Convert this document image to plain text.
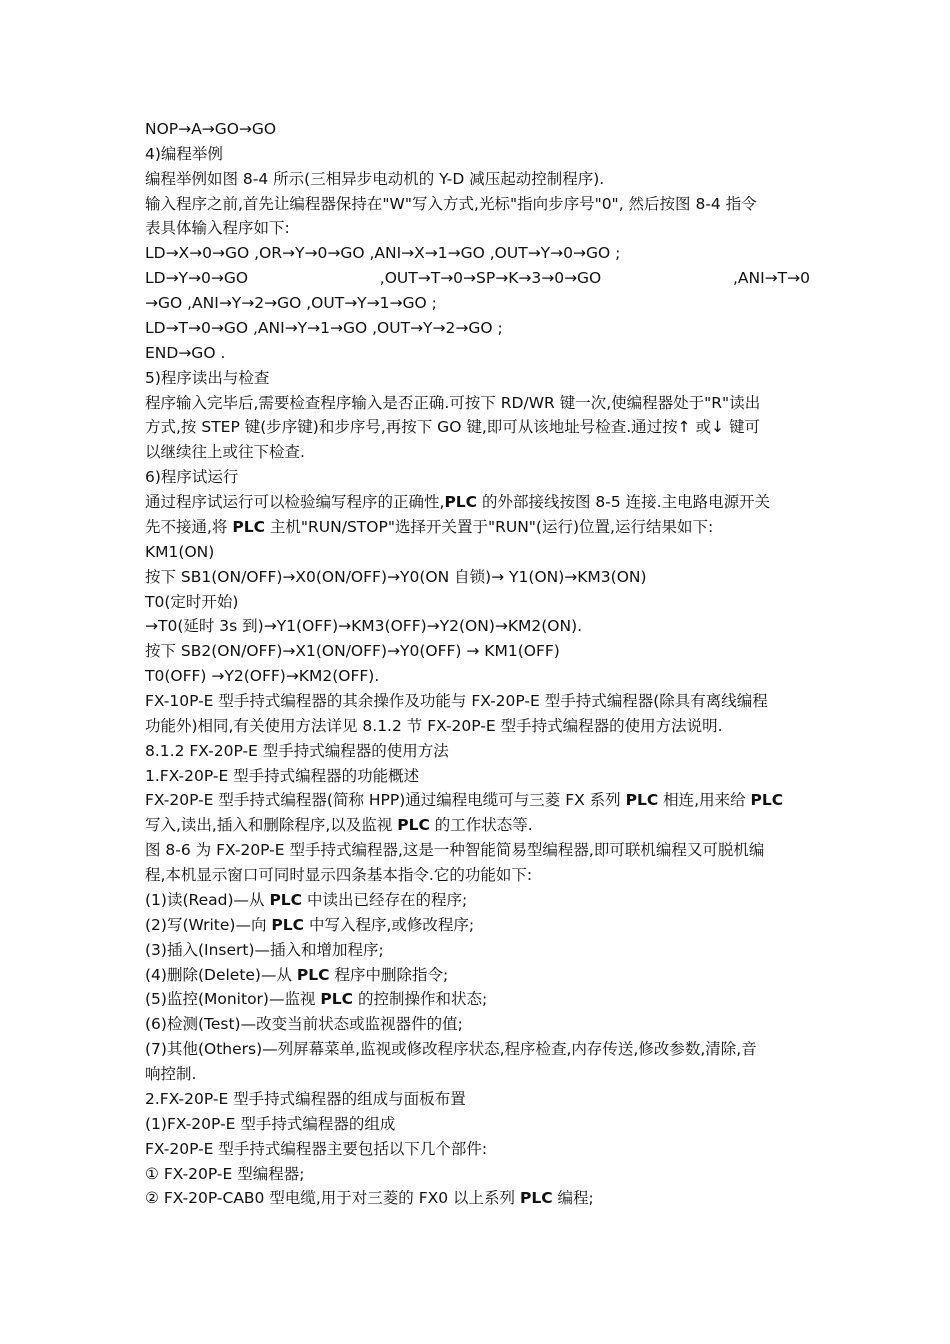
NOP→A→GO→GO
4)编程举例
编程举例如图 8-4 所示(三相异步电动机的 Y-D 减压起动控制程序).
输入程序之前,首先让编程器保持在"W"写入方式,光标"指向步序号"0", 然后按图 8-4 指令
表具体输入程序如下:
LD→X→0→GO ,OR→Y→0→GO ,ANI→X→1→GO ,OUT→Y→0→GO ;
LD→Y→0→GO	,OUT→T→0→SP→K→3→0→GO	,ANI→T→0
→GO ,ANI→Y→2→GO ,OUT→Y→1→GO ;
LD→T→0→GO ,ANI→Y→1→GO ,OUT→Y→2→GO ;
END→GO .
5)程序读出与检查
程序输入完毕后,需要检查程序输入是否正确.可按下 RD/WR 键一次,使编程器处于"R"读出
方式,按 STEP 键(步序键)和步序号,再按下 GO 键,即可从该地址号检查.通过按↑ 或↓ 键可
以继续往上或往下检查.
6)程序试运行
通过程序试运行可以检验编写程序的正确性,PLC 的外部接线按图 8-5 连接.主电路电源开关
先不接通,将 PLC 主机"RUN/STOP"选择开关置于"RUN"(运行)位置,运行结果如下:
KM1(ON)
按下 SB1(ON/OFF)→X0(ON/OFF)→Y0(ON 自锁)→ Y1(ON)→KM3(ON)
T0(定时开始)
→T0(延时 3s 到)→Y1(OFF)→KM3(OFF)→Y2(ON)→KM2(ON).
按下 SB2(ON/OFF)→X1(ON/OFF)→Y0(OFF) → KM1(OFF)
T0(OFF) →Y2(OFF)→KM2(OFF).
FX-10P-E 型手持式编程器的其余操作及功能与 FX-20P-E 型手持式编程器(除具有离线编程
功能外)相同,有关使用方法详见 8.1.2 节 FX-20P-E 型手持式编程器的使用方法说明.
8.1.2 FX-20P-E 型手持式编程器的使用方法
1.FX-20P-E 型手持式编程器的功能概述
FX-20P-E 型手持式编程器(简称 HPP)通过编程电缆可与三菱 FX 系列 PLC 相连,用来给 PLC
写入,读出,插入和删除程序,以及监视 PLC 的工作状态等.
图 8-6 为 FX-20P-E 型手持式编程器,这是一种智能简易型编程器,即可联机编程又可脱机编
程,本机显示窗口可同时显示四条基本指令.它的功能如下:
(1)读(Read)—从 PLC 中读出已经存在的程序;
(2)写(Write)—向 PLC 中写入程序,或修改程序;
(3)插入(Insert)—插入和增加程序;
(4)删除(Delete)—从 PLC 程序中删除指令;
(5)监控(Monitor)—监视 PLC 的控制操作和状态;
(6)检测(Test)—改变当前状态或监视器件的值;
(7)其他(Others)—列屏幕菜单,监视或修改程序状态,程序检查,内存传送,修改参数,清除,音
响控制.
2.FX-20P-E 型手持式编程器的组成与面板布置
(1)FX-20P-E 型手持式编程器的组成
FX-20P-E 型手持式编程器主要包括以下几个部件:
① FX-20P-E 型编程器;
② FX-20P-CAB0 型电缆,用于对三菱的 FX0 以上系列 PLC 编程;
